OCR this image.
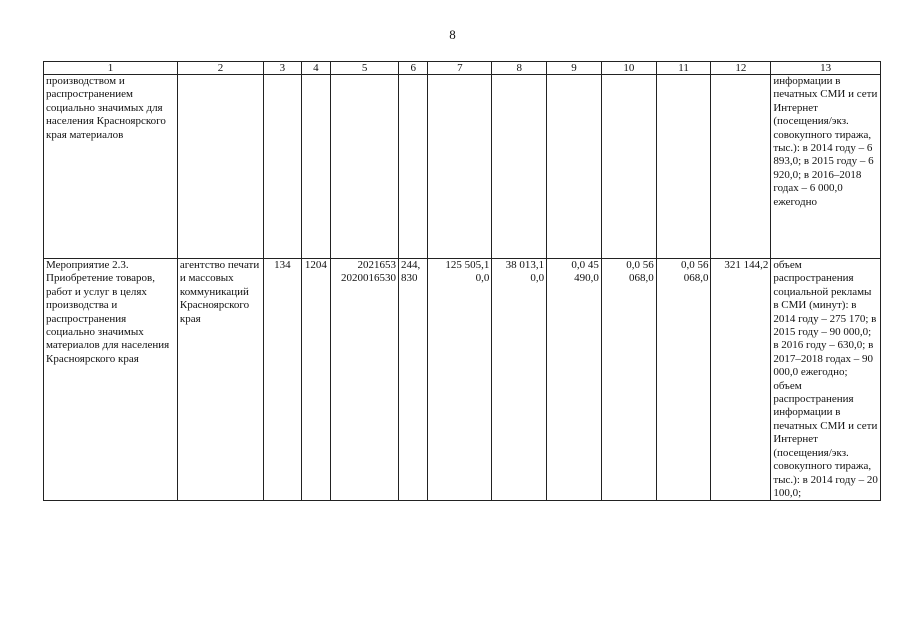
8
1	2	3	4	5	6	7	8	9	10	11	12	13
производством и распространением социально значимых для населения Красноярского края материалов												информации в печатных СМИ и сети Интернет (посещения/экз. совокупного тиража, тыс.): в 2014 году – 6 893,0; в 2015 году – 6 920,0; в 2016–2018 годах – 6 000,0 ежегодно
Мероприятие 2.3. Приобретение товаров, работ и услуг в целях производства и распространения социально значимых материалов для населения Красноярского края	агентство печати и массовых коммуникаций Красноярского края	134	1204	2021653 2020016530	244, 830	125 505,1 0,0	38 013,1 0,0	0,0 45 490,0	0,0 56 068,0	0,0 56 068,0	321 144,2	объем распространения социальной рекламы в СМИ (минут): в 2014 году – 275 170; в 2015 году – 90 000,0; в 2016 году – 630,0; в 2017–2018 годах – 90 000,0 ежегодно; объем распространения информации в печатных СМИ и сети Интернет (посещения/экз. совокупного тиража, тыс.): в 2014 году – 20 100,0;
